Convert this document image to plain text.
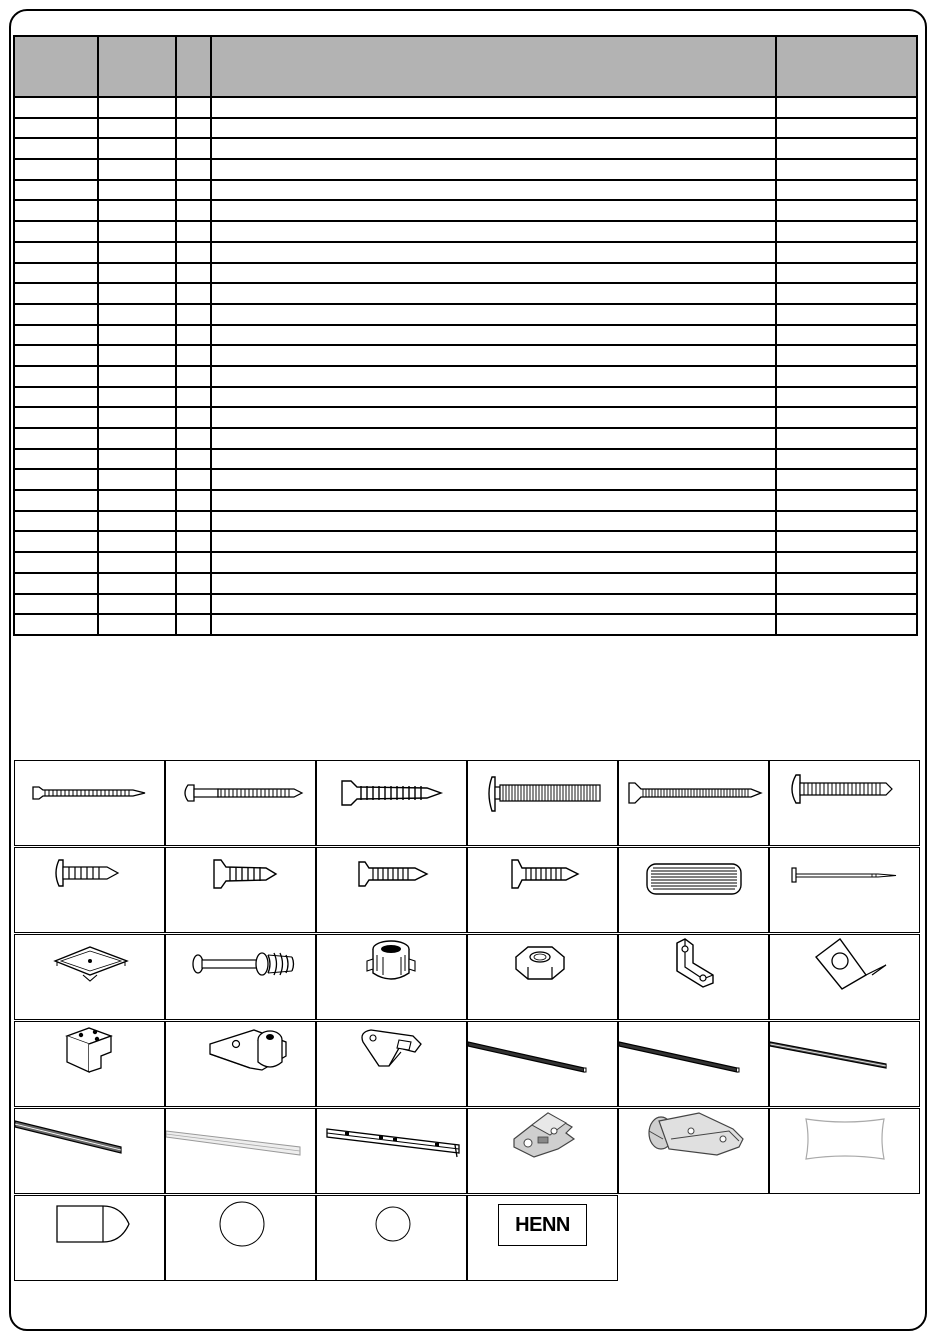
HENN
